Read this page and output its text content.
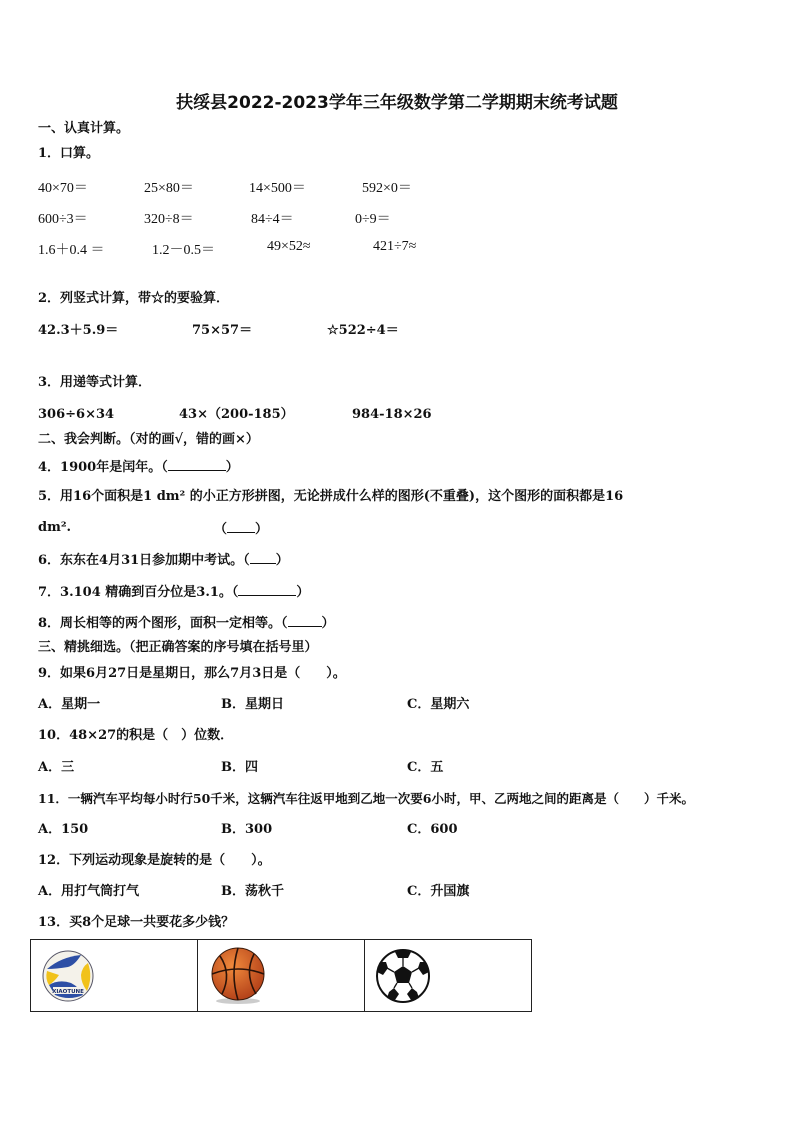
扶绥县2022-2023学年三年级数学第二学期期末统考试题
一、认真计算。
1．口算。
40×70＝	25×80＝	14×500＝	592×0＝
600÷3＝	320÷8＝	84÷4＝	0÷9＝
1.6＋0.4 ＝	1.2－0.5＝	49×52≈	421÷7≈
2．列竖式计算，带☆的要验算．
42.3＋5.9＝	75×57＝	☆522÷4＝
3．用递等式计算．
306÷6×34	43×（200-185）	984-18×26
二、我会判断。（对的画√，错的画×）
4．1900年是闰年。（	）
5．用16个面积是1 dm² 的小正方形拼图，无论拼成什么样的图形(不重叠)，这个图形的面积都是16
dm².	（ ）
6．东东在4月31日参加期中考试。（ ）
7．3.104 精确到百分位是3.1。（	）
8．周长相等的两个图形，面积一定相等。（	）
三、精挑细选。（把正确答案的序号填在括号里）
9．如果6月27日是星期日，那么7月3日是（　　）。
A．星期一	B．星期日	C．星期六
10．48×27的积是（　）位数．
A．三	B．四	C．五
11．一辆汽车平均每小时行50千米，这辆汽车往返甲地到乙地一次要6小时，甲、乙两地之间的距离是（　　）千米。
A．150	B．300	C．600
12．下列运动现象是旋转的是（　　）。
A．用打气筒打气	B．荡秋千	C．升国旗
13．买8个足球一共要花多少钱？
XIAOTUNE
